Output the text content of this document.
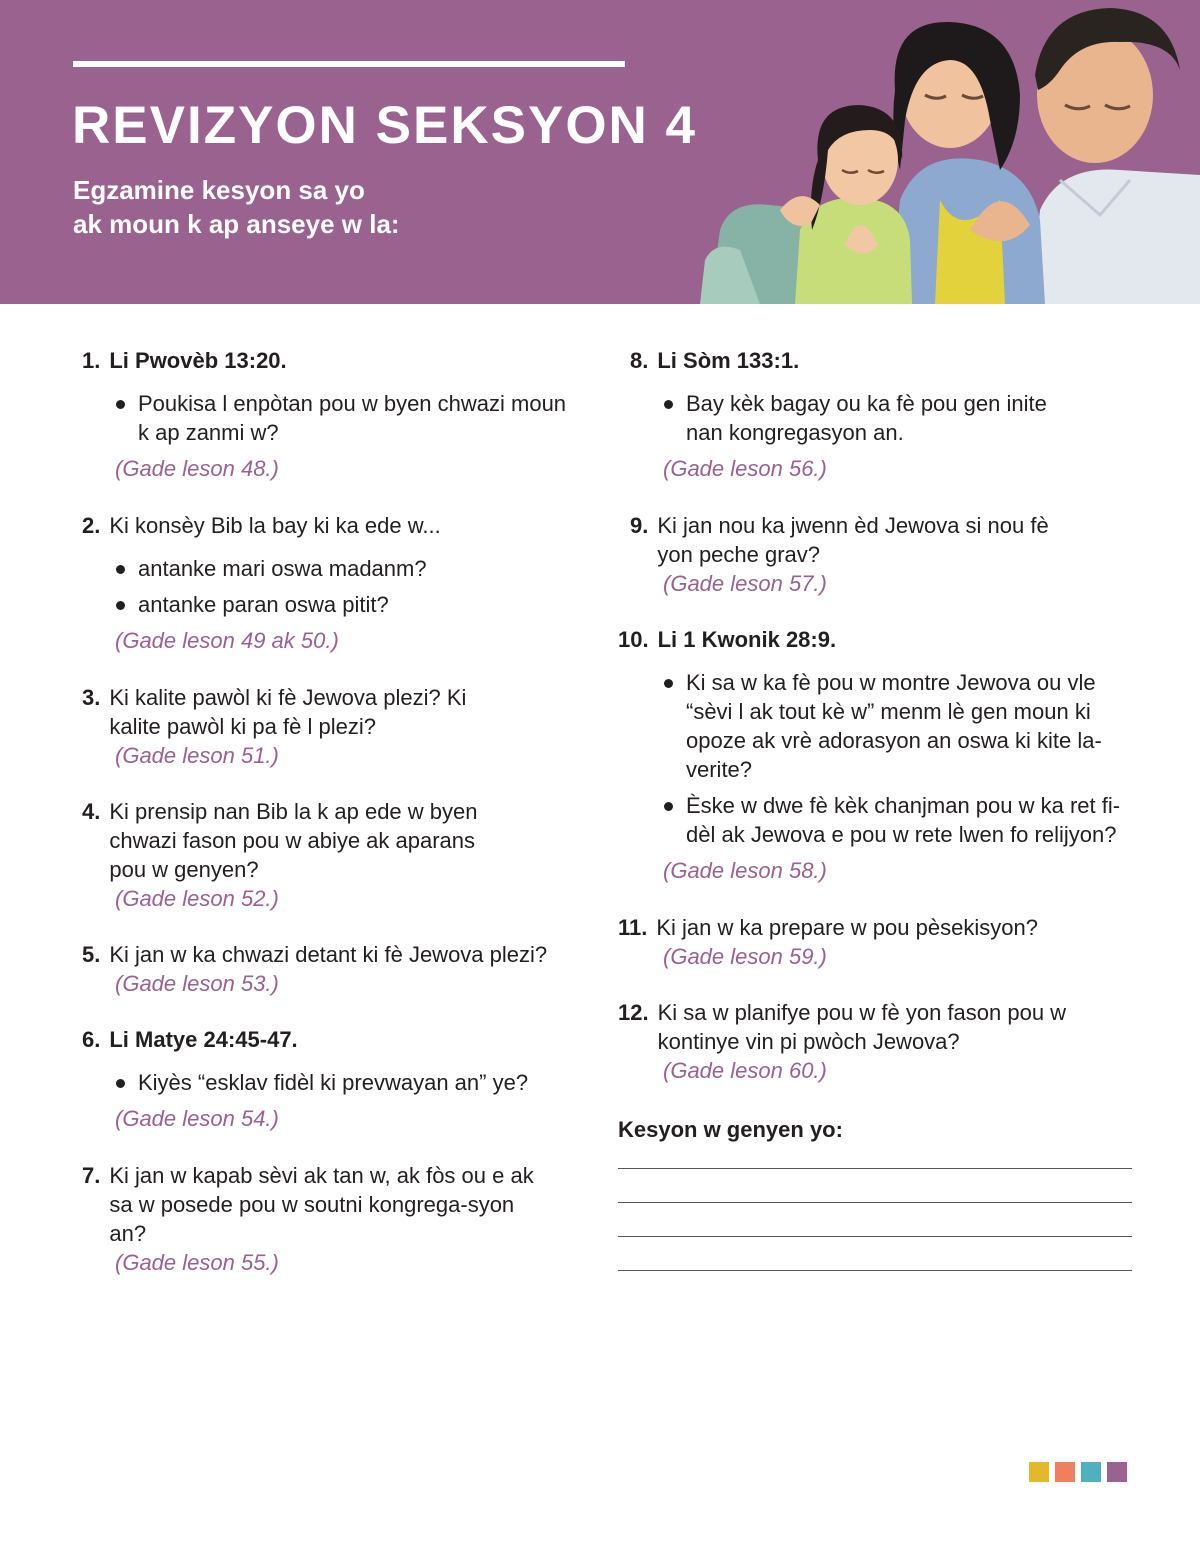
REVIZYON SEKSYON 4

Egzamine kesyon sa yo
ak moun k ap anseye w la:

1. Li Pwovèb 13:20.
Poukisa l enpòtan pou w byen chwazi moun k ap zanmi w?
(Gade leson 48.)
2. Ki konsèy Bib la bay ki ka ede w...
antanke mari oswa madanm?
antanke paran oswa pitit?
(Gade leson 49 ak 50.)
3. Ki kalite pawòl ki fè Jewova plezi? Ki kalite pawòl ki pa fè l plezi?
(Gade leson 51.)
4. Ki prensip nan Bib la k ap ede w byen chwazi fason pou w abiye ak aparans pou w genyen?
(Gade leson 52.)
5. Ki jan w ka chwazi detant ki fè Jewova plezi?
(Gade leson 53.)
6. Li Matye 24:45-47.
Kiyès “esklav fidèl ki prevwayan an” ye?
(Gade leson 54.)
7. Ki jan w kapab sèvi ak tan w, ak fòs ou e ak sa w posede pou w soutni kongrega-syon an?
(Gade leson 55.)
8. Li Sòm 133:1.
Bay kèk bagay ou ka fè pou gen inite nan kongregasyon an.
(Gade leson 56.)
9. Ki jan nou ka jwenn èd Jewova si nou fè yon peche grav?
(Gade leson 57.)
10. Li 1 Kwonik 28:9.
Ki sa w ka fè pou w montre Jewova ou vle “sèvi l ak tout kè w” menm lè gen moun ki opoze ak vrè adorasyon an oswa ki kite la-verite?
Èske w dwe fè kèk chanjman pou w ka ret fi-dèl ak Jewova e pou w rete lwen fo relijyon?
(Gade leson 58.)
11. Ki jan w ka prepare w pou pèsekisyon?
(Gade leson 59.)
12. Ki sa w planifye pou w fè yon fason pou w kontinye vin pi pwòch Jewova?
(Gade leson 60.)

Kesyon w genyen yo:
